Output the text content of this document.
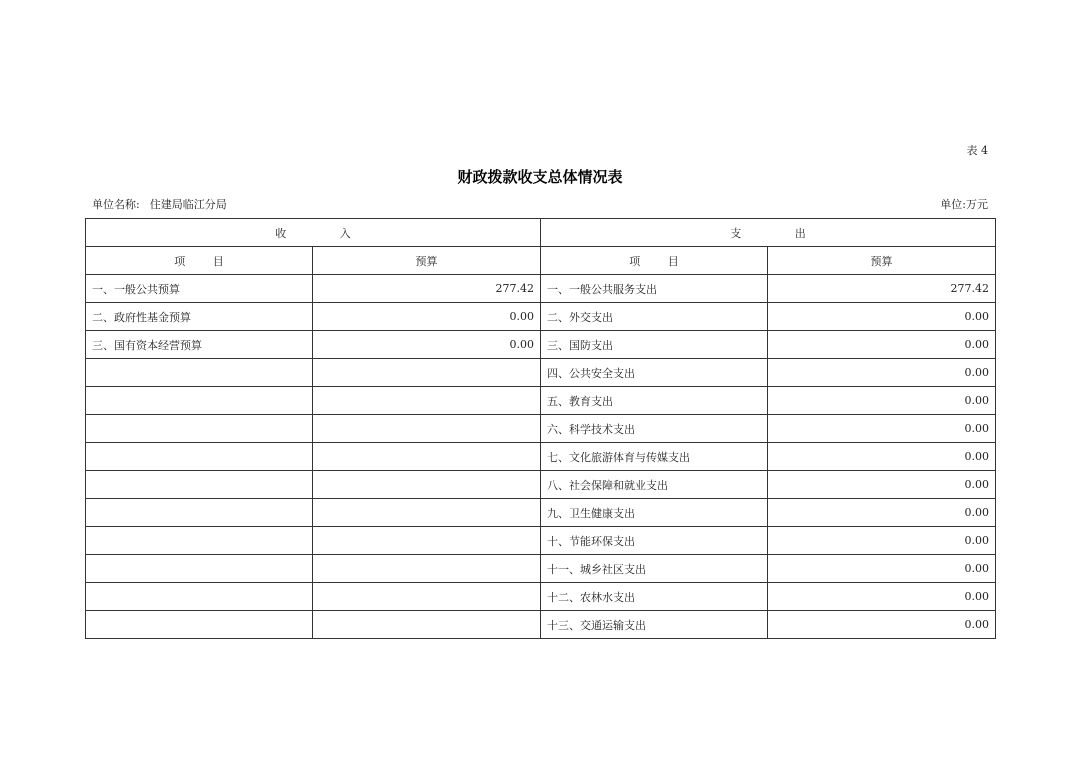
表 4
财政拨款收支总体情况表
单位名称: 住建局临江分局	单位:万元
收 入		支 出	
项 目	预算	项 目	预算
一、一般公共预算	277.42	一、一般公共服务支出	277.42
二、政府性基金预算	0.00	二、外交支出	0.00
三、国有资本经营预算	0.00	三、国防支出	0.00
		四、公共安全支出	0.00
		五、教育支出	0.00
		六、科学技术支出	0.00
		七、文化旅游体育与传媒支出	0.00
		八、社会保障和就业支出	0.00
		九、卫生健康支出	0.00
		十、节能环保支出	0.00
		十一、城乡社区支出	0.00
		十二、农林水支出	0.00
		十三、交通运输支出	0.00
